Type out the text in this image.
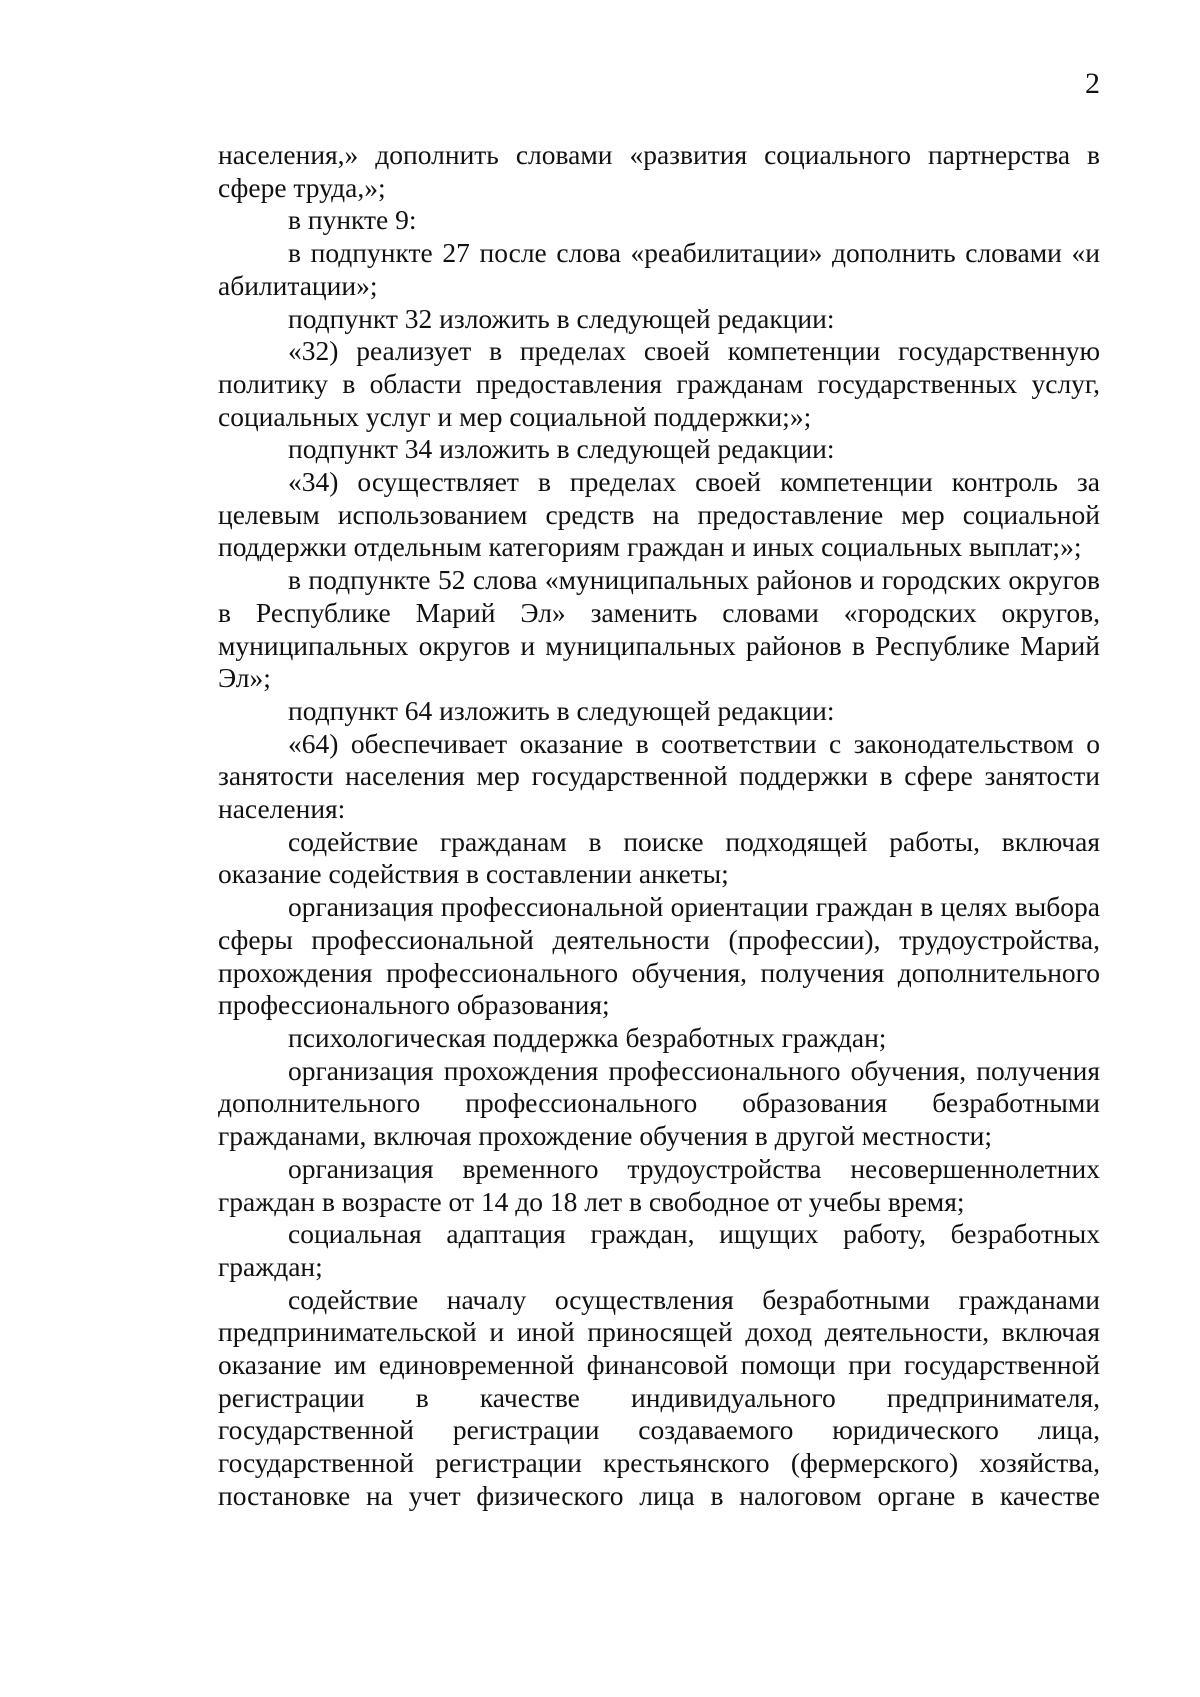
2

населения,» дополнить словами «развития социального партнерства в сфере труда,»;

в пункте 9:

в подпункте 27 после слова «реабилитации» дополнить словами «и абилитации»;

подпункт 32 изложить в следующей редакции:

«32) реализует в пределах своей компетенции государственную политику в области предоставления гражданам государственных услуг, социальных услуг и мер социальной поддержки;»;

подпункт 34 изложить в следующей редакции:

«34) осуществляет в пределах своей компетенции контроль за целевым использованием средств на предоставление мер социальной поддержки отдельным категориям граждан и иных социальных выплат;»;

в подпункте 52 слова «муниципальных районов и городских округов в Республике Марий Эл» заменить словами «городских округов, муниципальных округов и муниципальных районов в Республике Марий Эл»;

подпункт 64 изложить в следующей редакции:

«64) обеспечивает оказание в соответствии с законодательством о занятости населения мер государственной поддержки в сфере занятости населения:

содействие гражданам в поиске подходящей работы, включая оказание содействия в составлении анкеты;

организация профессиональной ориентации граждан в целях выбора сферы профессиональной деятельности (профессии), трудоустройства, прохождения профессионального обучения, получения дополнительного профессионального образования;

психологическая поддержка безработных граждан;

организация прохождения профессионального обучения, получения дополнительного профессионального образования безработными гражданами, включая прохождение обучения в другой местности;

организация временного трудоустройства несовершеннолетних граждан в возрасте от 14 до 18 лет в свободное от учебы время;

социальная адаптация граждан, ищущих работу, безработных граждан;

содействие началу осуществления безработными гражданами предпринимательской и иной приносящей доход деятельности, включая оказание им единовременной финансовой помощи при государственной регистрации в качестве индивидуального предпринимателя, государственной регистрации создаваемого юридического лица, государственной регистрации крестьянского (фермерского) хозяйства, постановке на учет физического лица в налоговом органе в качестве
